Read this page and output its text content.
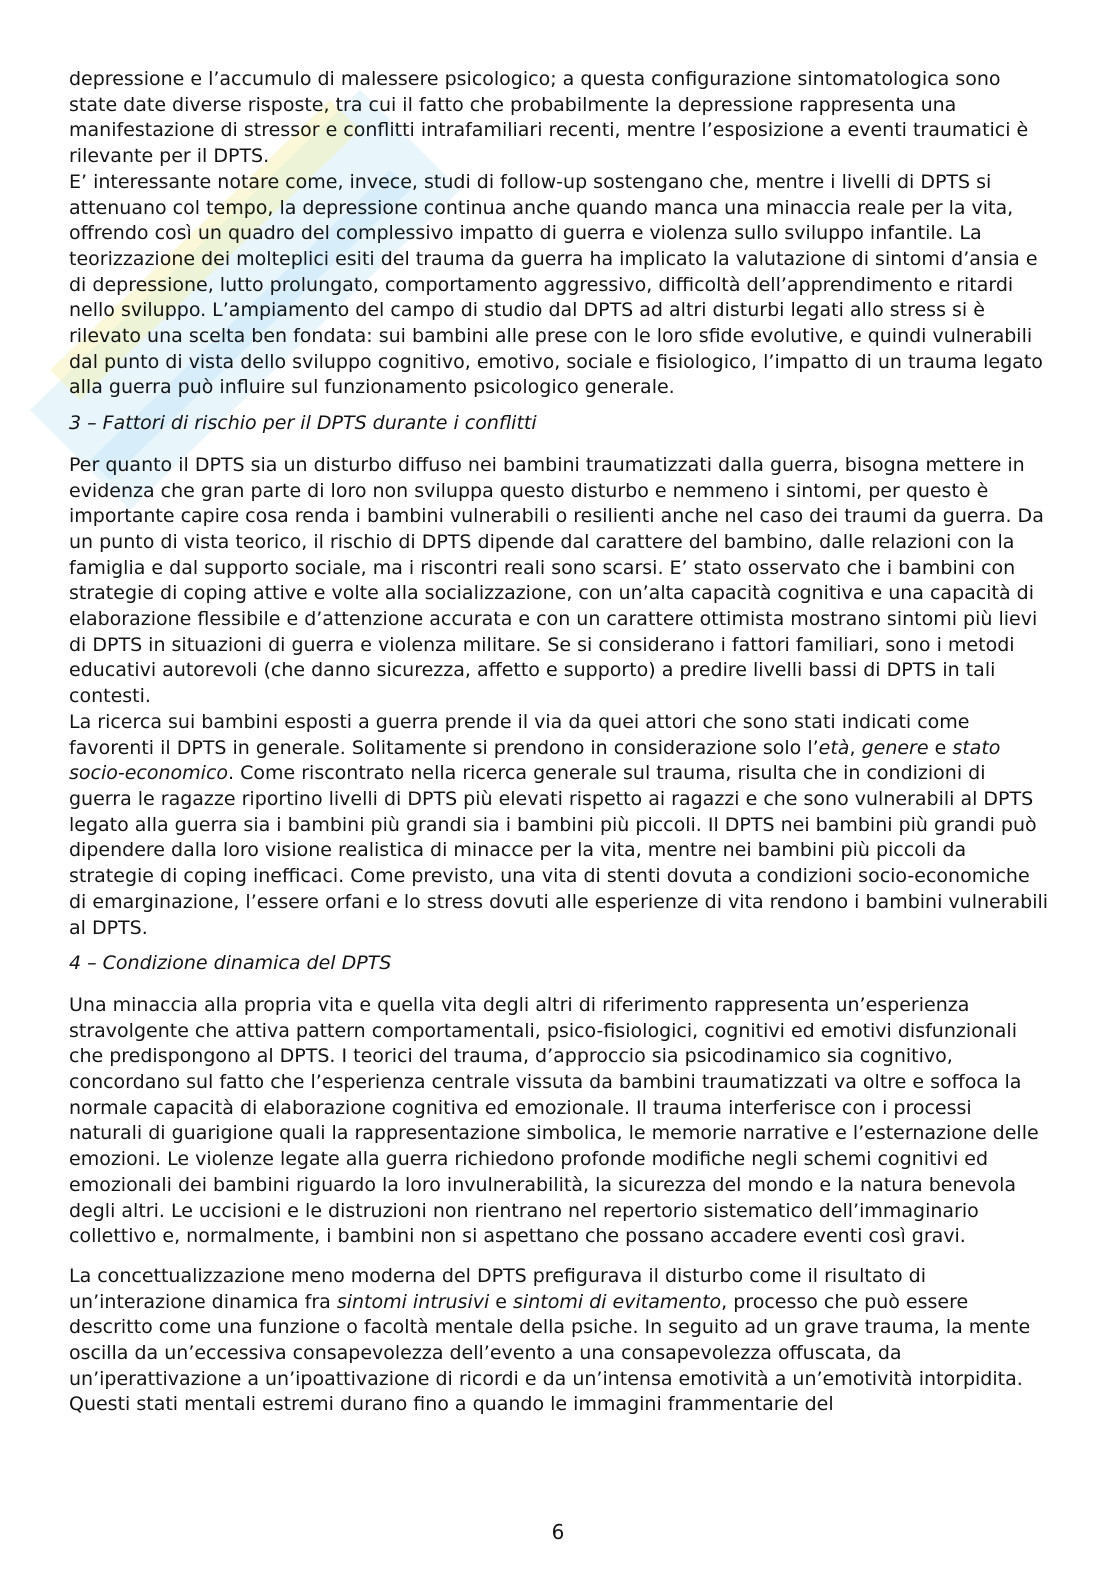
depressione e l’accumulo di malessere psicologico; a questa configurazione sintomatologica sono state date diverse risposte, tra cui il fatto che probabilmente la depressione rappresenta una manifestazione di stressor e conflitti intrafamiliari recenti, mentre l’esposizione a eventi traumatici è rilevante per il DPTS.

E’ interessante notare come, invece, studi di follow-up sostengano che, mentre i livelli di DPTS si attenuano col tempo, la depressione continua anche quando manca una minaccia reale per la vita, offrendo così un quadro del complessivo impatto di guerra e violenza sullo sviluppo infantile. La teorizzazione dei molteplici esiti del trauma da guerra ha implicato la valutazione di sintomi d’ansia e di depressione, lutto prolungato, comportamento aggressivo, difficoltà dell’apprendimento e ritardi nello sviluppo. L’ampiamento del campo di studio dal DPTS ad altri disturbi legati allo stress si è rilevato una scelta ben fondata: sui bambini alle prese con le loro sfide evolutive, e quindi vulnerabili dal punto di vista dello sviluppo cognitivo, emotivo, sociale e fisiologico, l’impatto di un trauma legato alla guerra può influire sul funzionamento psicologico generale.

3 – Fattori di rischio per il DPTS durante i conflitti

Per quanto il DPTS sia un disturbo diffuso nei bambini traumatizzati dalla guerra, bisogna mettere in evidenza che gran parte di loro non sviluppa questo disturbo e nemmeno i sintomi, per questo è importante capire cosa renda i bambini vulnerabili o resilienti anche nel caso dei traumi da guerra. Da un punto di vista teorico, il rischio di DPTS dipende dal carattere del bambino, dalle relazioni con la famiglia e dal supporto sociale, ma i riscontri reali sono scarsi. E’ stato osservato che i bambini con strategie di coping attive e volte alla socializzazione, con un’alta capacità cognitiva e una capacità di elaborazione flessibile e d’attenzione accurata e con un carattere ottimista mostrano sintomi più lievi di DPTS in situazioni di guerra e violenza militare. Se si considerano i fattori familiari, sono i metodi educativi autorevoli (che danno sicurezza, affetto e supporto) a predire livelli bassi di DPTS in tali contesti.

La ricerca sui bambini esposti a guerra prende il via da quei attori che sono stati indicati come favorenti il DPTS in generale. Solitamente si prendono in considerazione solo l’età, genere e stato socio-economico. Come riscontrato nella ricerca generale sul trauma, risulta che in condizioni di guerra le ragazze riportino livelli di DPTS più elevati rispetto ai ragazzi e che sono vulnerabili al DPTS legato alla guerra sia i bambini più grandi sia i bambini più piccoli. Il DPTS nei bambini più grandi può dipendere dalla loro visione realistica di minacce per la vita, mentre nei bambini più piccoli da strategie di coping inefficaci. Come previsto, una vita di stenti dovuta a condizioni socio-economiche di emarginazione, l’essere orfani e lo stress dovuti alle esperienze di vita rendono i bambini vulnerabili al DPTS.

4 – Condizione dinamica del DPTS

Una minaccia alla propria vita e quella vita degli altri di riferimento rappresenta un’esperienza stravolgente che attiva pattern comportamentali, psico-fisiologici, cognitivi ed emotivi disfunzionali che predispongono al DPTS. I teorici del trauma, d’approccio sia psicodinamico sia cognitivo, concordano sul fatto che l’esperienza centrale vissuta da bambini traumatizzati va oltre e soffoca la normale capacità di elaborazione cognitiva ed emozionale. Il trauma interferisce con i processi naturali di guarigione quali la rappresentazione simbolica, le memorie narrative e l’esternazione delle emozioni. Le violenze legate alla guerra richiedono profonde modifiche negli schemi cognitivi ed emozionali dei bambini riguardo la loro invulnerabilità, la sicurezza del mondo e la natura benevola degli altri. Le uccisioni e le distruzioni non rientrano nel repertorio sistematico dell’immaginario collettivo e, normalmente, i bambini non si aspettano che possano accadere eventi così gravi.

La concettualizzazione meno moderna del DPTS prefigurava il disturbo come il risultato di un’interazione dinamica fra sintomi intrusivi e sintomi di evitamento, processo che può essere descritto come una funzione o facoltà mentale della psiche. In seguito ad un grave trauma, la mente oscilla da un’eccessiva consapevolezza dell’evento a una consapevolezza offuscata, da un’iperattivazione a un’ipoattivazione di ricordi e da un’intensa emotività a un’emotività intorpidita. Questi stati mentali estremi durano fino a quando le immagini frammentarie del

6
